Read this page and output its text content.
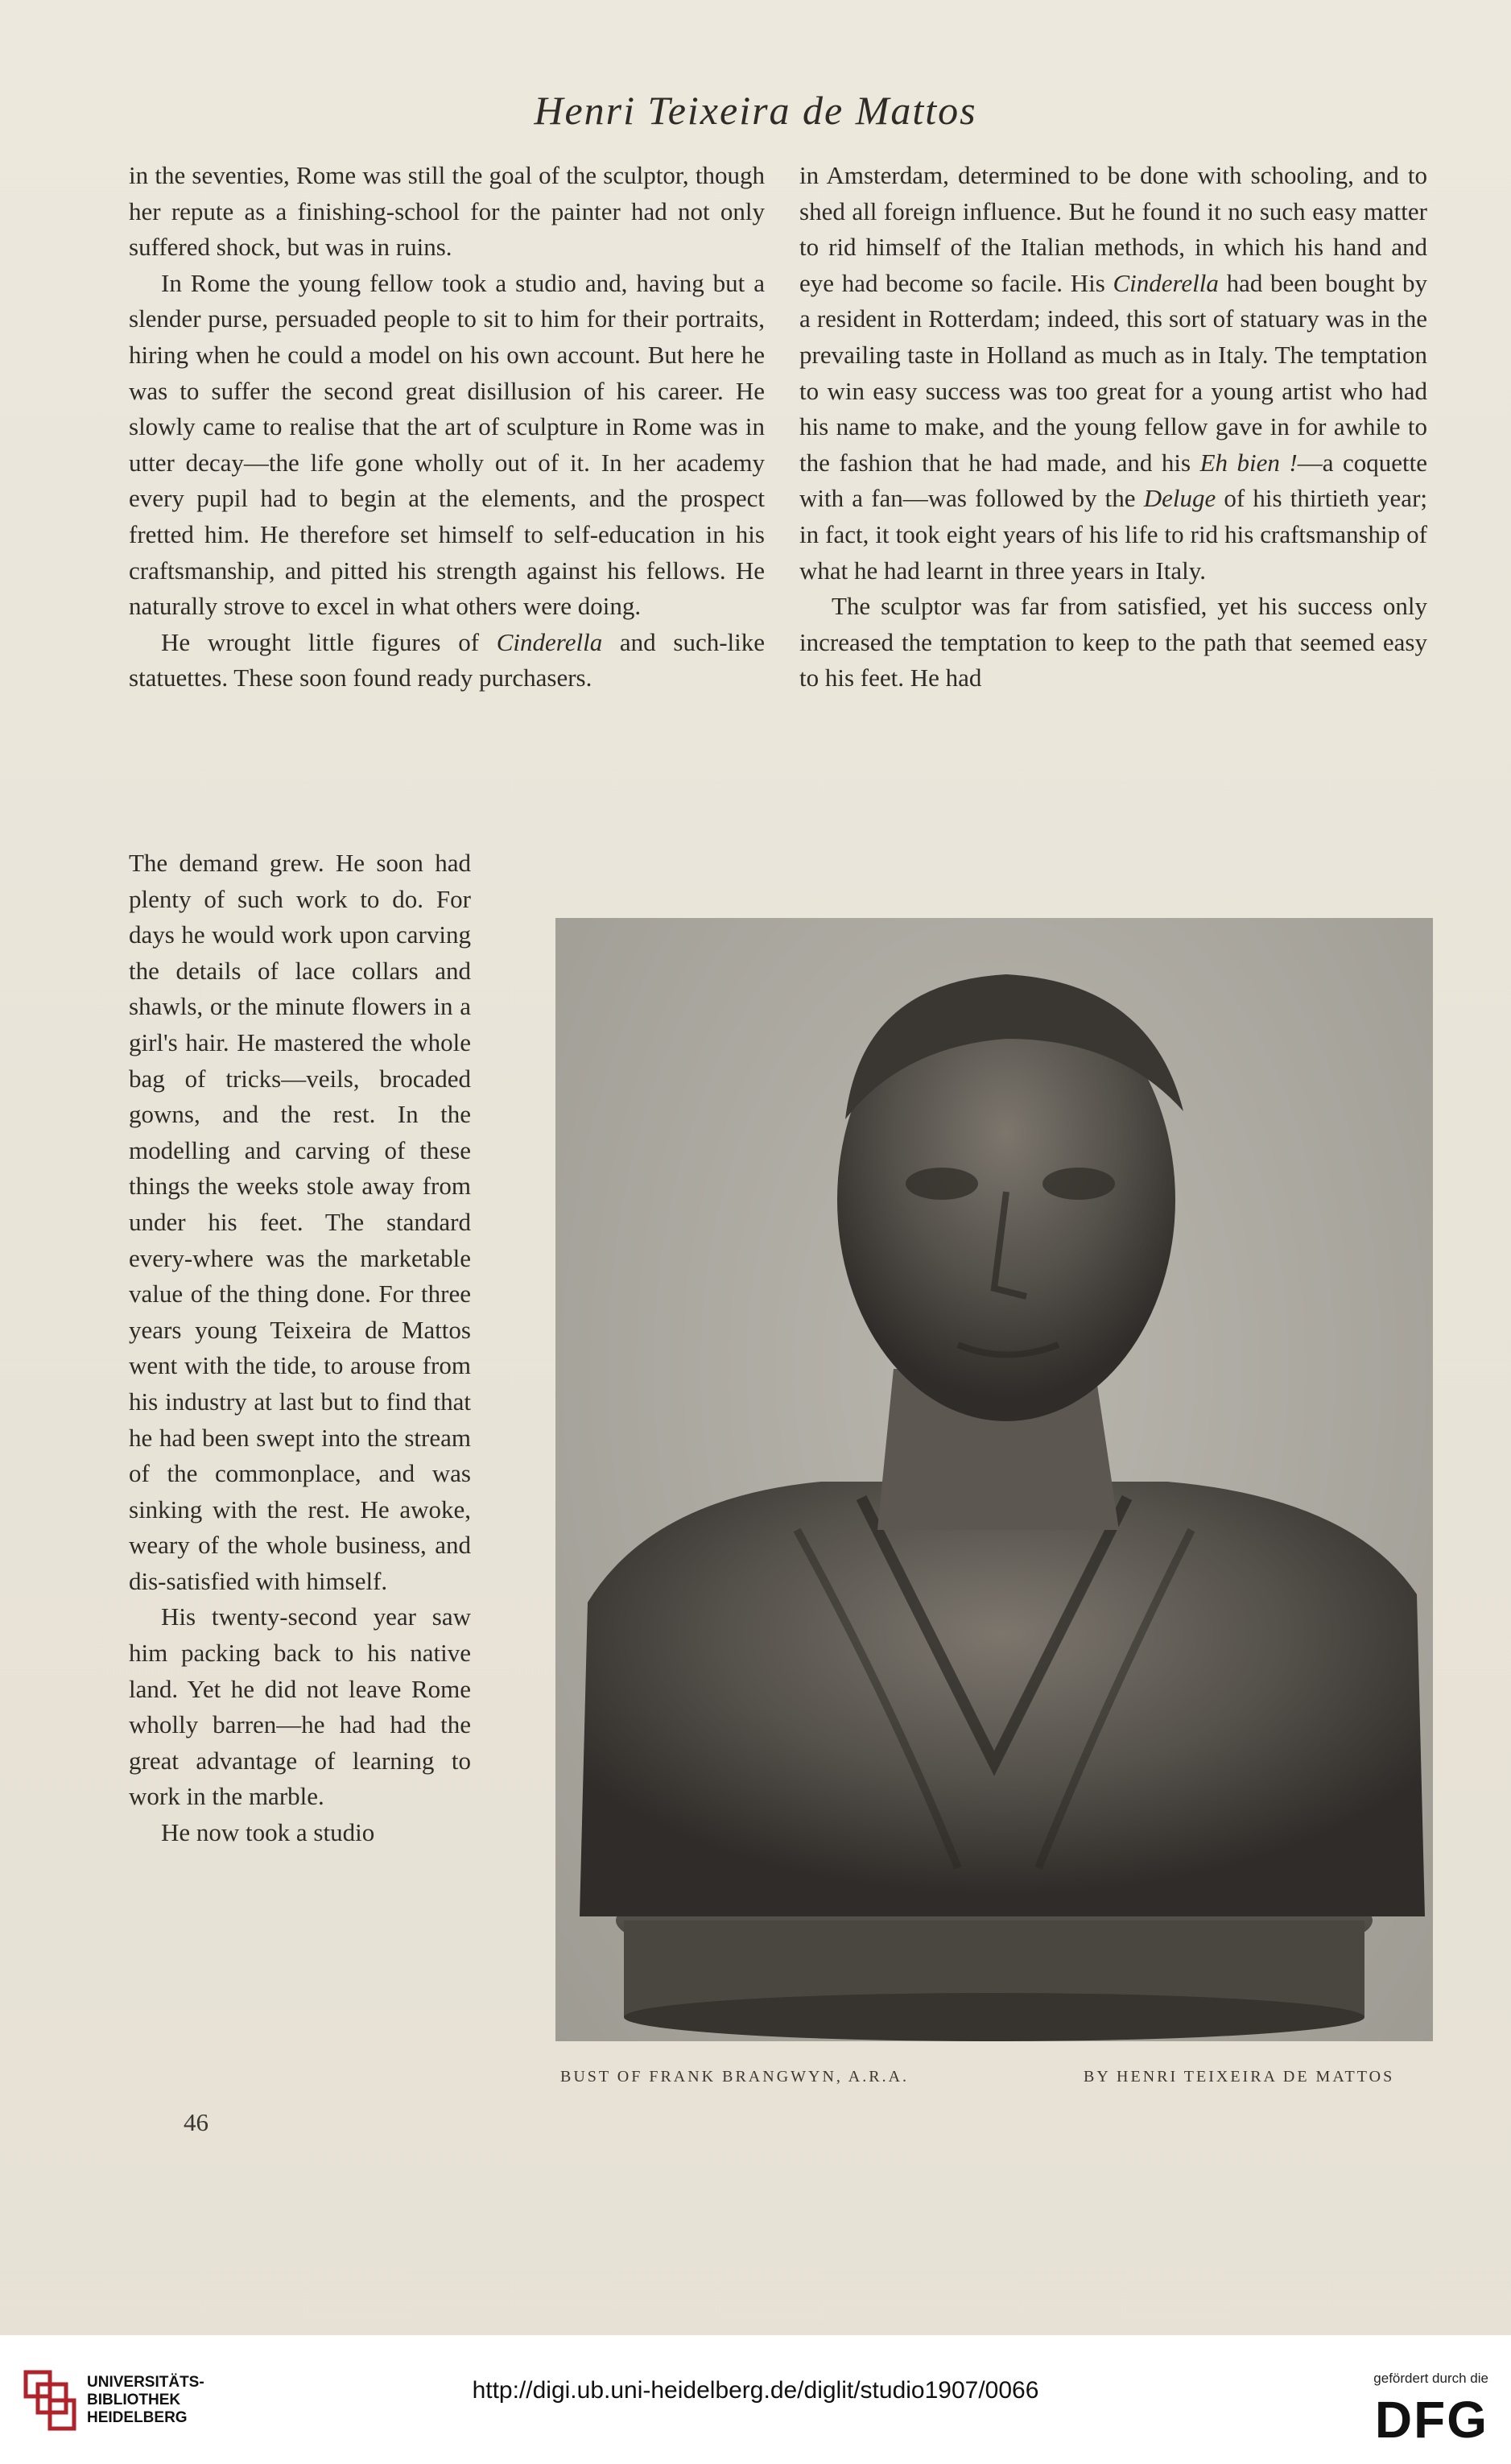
Henri Teixeira de Mattos

in the seventies, Rome was still the goal of the sculptor, though her repute as a finishing-school for the painter had not only suffered shock, but was in ruins.

In Rome the young fellow took a studio and, having but a slender purse, persuaded people to sit to him for their portraits, hiring when he could a model on his own account. But here he was to suffer the second great disillusion of his career. He slowly came to realise that the art of sculpture in Rome was in utter decay—the life gone wholly out of it. In her academy every pupil had to begin at the elements, and the prospect fretted him. He therefore set himself to self-education in his craftsmanship, and pitted his strength against his fellows. He naturally strove to excel in what others were doing.

He wrought little figures of Cinderella and such-like statuettes. These soon found ready purchasers.

The demand grew. He soon had plenty of such work to do. For days he would work upon carving the details of lace collars and shawls, or the minute flowers in a girl's hair. He mastered the whole bag of tricks—veils, brocaded gowns, and the rest. In the modelling and carving of these things the weeks stole away from under his feet. The standard every-where was the marketable value of the thing done. For three years young Teixeira de Mattos went with the tide, to arouse from his industry at last but to find that he had been swept into the stream of the commonplace, and was sinking with the rest. He awoke, weary of the whole business, and dis-satisfied with himself.

His twenty-second year saw him packing back to his native land. Yet he did not leave Rome wholly barren—he had had the great advantage of learning to work in the marble.

He now took a studio

in Amsterdam, determined to be done with schooling, and to shed all foreign influence. But he found it no such easy matter to rid himself of the Italian methods, in which his hand and eye had become so facile. His Cinderella had been bought by a resident in Rotterdam; indeed, this sort of statuary was in the prevailing taste in Holland as much as in Italy. The temptation to win easy success was too great for a young artist who had his name to make, and the young fellow gave in for awhile to the fashion that he had made, and his Eh bien !—a coquette with a fan—was followed by the Deluge of his thirtieth year; in fact, it took eight years of his life to rid his craftsmanship of what he had learnt in three years in Italy.

The sculptor was far from satisfied, yet his success only increased the temptation to keep to the path that seemed easy to his feet. He had

BUST OF FRANK BRANGWYN, A.R.A.	BY HENRI TEIXEIRA DE MATTOS
46
UNIVERSITÄTS-
BIBLIOTHEK
HEIDELBERG
http://digi.ub.uni-heidelberg.de/diglit/studio1907/0066	gefördert durch die
DFG
